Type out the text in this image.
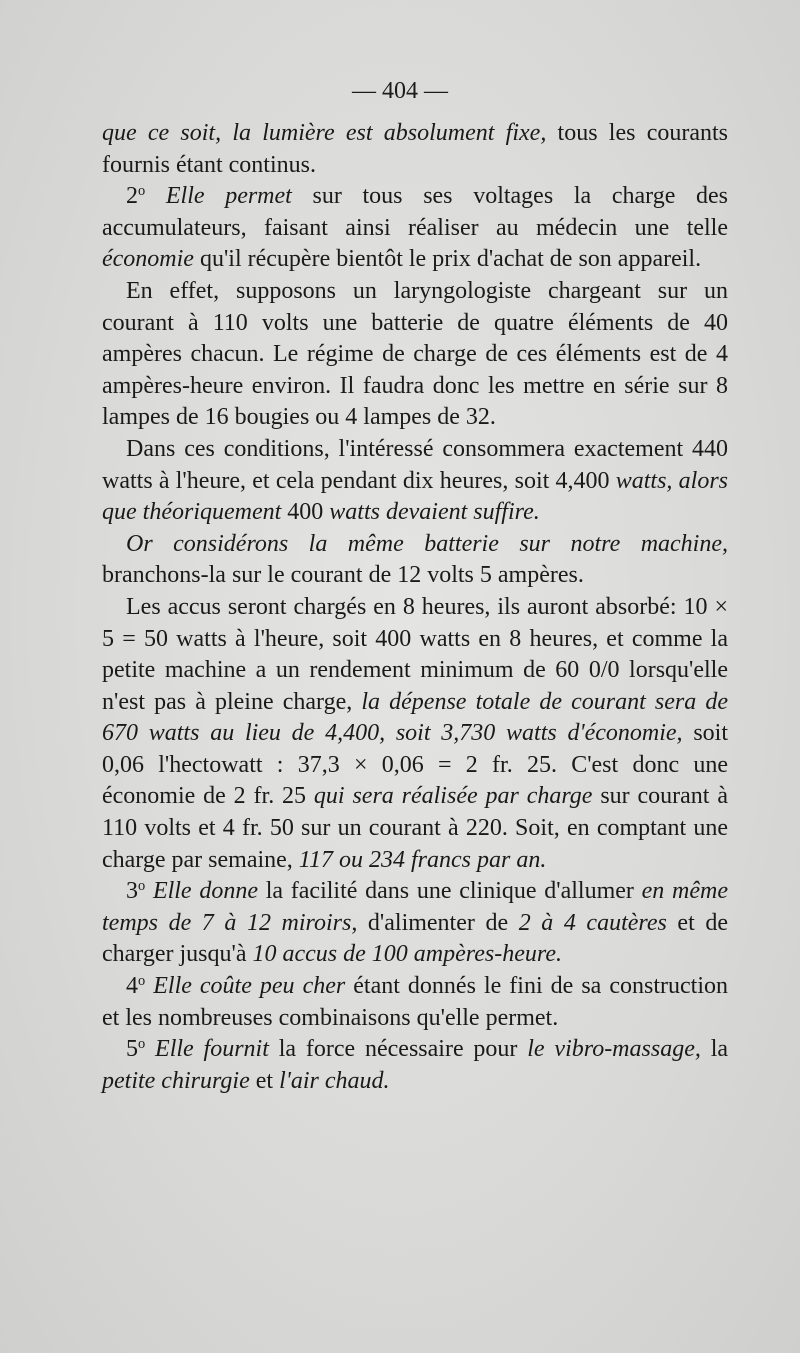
— 404 —

que ce soit, la lumière est absolument fixe, tous les courants fournis étant continus.

2$^o$ Elle permet sur tous ses voltages la charge des accumulateurs, faisant ainsi réaliser au médecin une telle économie qu'il récupère bientôt le prix d'achat de son appareil.

En effet, supposons un laryngologiste chargeant sur un courant à 110 volts une batterie de quatre éléments de 40 ampères chacun. Le régime de charge de ces éléments est de 4 ampères-heure environ. Il faudra donc les mettre en série sur 8 lampes de 16 bougies ou 4 lampes de 32.

Dans ces conditions, l'intéressé consommera exactement 440 watts à l'heure, et cela pendant dix heures, soit 4,400 watts, alors que théoriquement 400 watts devaient suffire.

Or considérons la même batterie sur notre machine, branchons-la sur le courant de 12 volts 5 ampères.

Les accus seront chargés en 8 heures, ils auront absorbé: 10 × 5 = 50 watts à l'heure, soit 400 watts en 8 heures, et comme la petite machine a un rendement minimum de 60 0/0 lorsqu'elle n'est pas à pleine charge, la dépense totale de courant sera de 670 watts au lieu de 4,400, soit 3,730 watts d'économie, soit 0,06 l'hectowatt : 37,3 × 0,06 = 2 fr. 25. C'est donc une économie de 2 fr. 25 qui sera réalisée par charge sur courant à 110 volts et 4 fr. 50 sur un courant à 220. Soit, en comptant une charge par semaine, 117 ou 234 francs par an.

3$^o$ Elle donne la facilité dans une clinique d'allumer en même temps de 7 à 12 miroirs, d'alimenter de 2 à 4 cautères et de charger jusqu'à 10 accus de 100 ampères-heure.

4$^o$ Elle coûte peu cher étant donnés le fini de sa construction et les nombreuses combinaisons qu'elle permet.

5$^o$ Elle fournit la force nécessaire pour le vibro-massage, la petite chirurgie et l'air chaud.
